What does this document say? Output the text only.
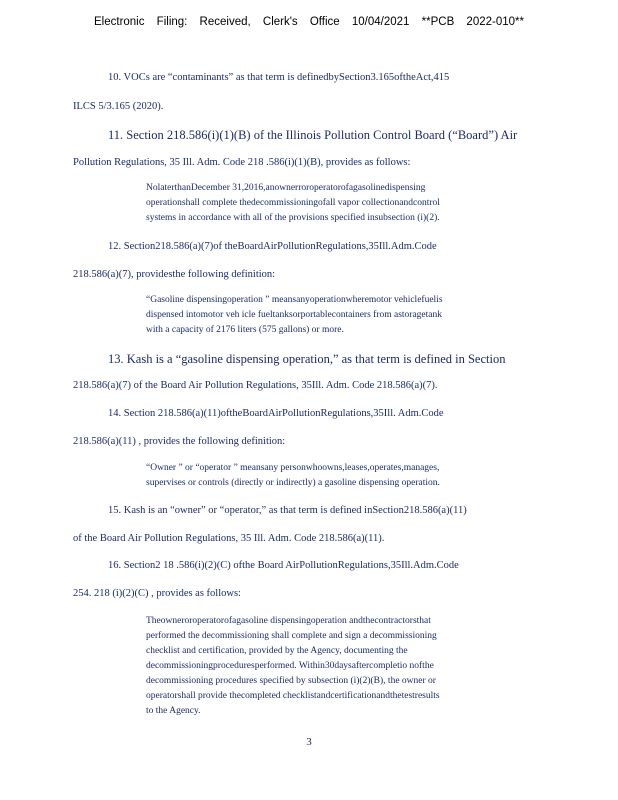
Electronic Filing: Received, Clerk's Office 10/04/2021 **PCB 2022-010**
10. VOCs are “contaminants” as that term is definedbySection3.165oftheAct,415
ILCS 5/3.165 (2020).
11. Section 218.586(i)(1)(B) of the Illinois Pollution Control Board (“Board”) Air
Pollution Regulations, 35 Ill. Adm. Code 218 .586(i)(1)(B), provides as follows:
NolaterthanDecember 31,2016,anownerroroperatorofagasolinedispensing
operationshall complete thedecommissioningofall vapor collectionandcontrol
systems in accordance with all of the provisions specified insubsection (i)(2).
12. Section218.586(a)(7)of theBoardAirPollutionRegulations,35Ill.Adm.Code
218.586(a)(7), providesthe following definition:
“Gasoline dispensingoperation ” meansanyoperationwheremotor vehiclefuelis
dispensed intomotor veh icle fueltanksorportablecontainers from astoragetank
with a capacity of 2176 liters (575 gallons) or more.
13. Kash is a “gasoline dispensing operation,” as that term is defined in Section
218.586(a)(7) of the Board Air Pollution Regulations, 35Ill. Adm. Code 218.586(a)(7).
14. Section 218.586(a)(11)oftheBoardAirPollutionRegulations,35Ill. Adm.Code
218.586(a)(11) , provides the following definition:
“Owner ” or “operator ” meansany personwhoowns,leases,operates,manages,
supervises or controls (directly or indirectly) a gasoline dispensing operation.
15. Kash is an “owner” or “operator,” as that term is defined inSection218.586(a)(11)
of the Board Air Pollution Regulations, 35 Ill. Adm. Code 218.586(a)(11).
16. Section2 18 .586(i)(2)(C) ofthe Board AirPollutionRegulations,35Ill.Adm.Code
254. 218 (i)(2)(C) , provides as follows:
Theowneroroperatorofagasoline dispensingoperation andthecontractorsthat
performed the decommissioning shall complete and sign a decommissioning
checklist and certification, provided by the Agency, documenting the
decommissioningproceduresperformed. Within30daysaftercompletio nofthe
decommissioning procedures specified by subsection (i)(2)(B), the owner or
operatorshall provide thecompleted checklistandcertificationandthetestresults
to the Agency.
3
